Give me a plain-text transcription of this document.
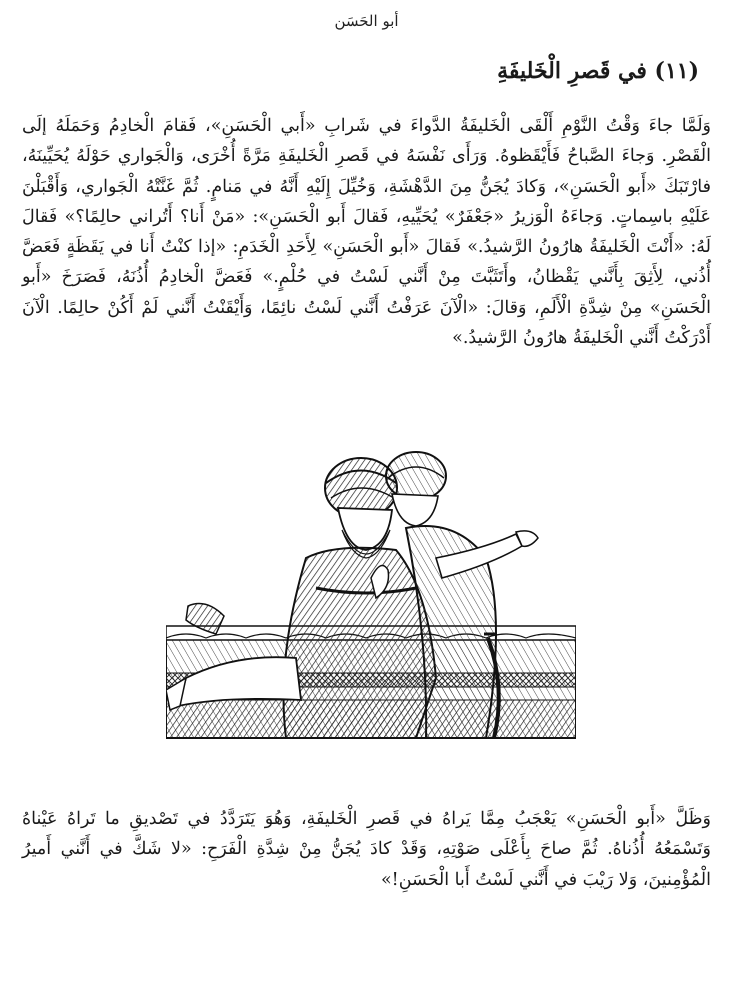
أبو الحَسَن
(١١) في قَصرِ الْخَليفَةِ

وَلَمَّا جاءَ وَقْتُ النَّوْمِ أَلْقَى الْخَليفَةُ الدَّواءَ في شَرابِ «أَبي الْحَسَنِ»، فَقامَ الْخادِمُ وَحَمَلَهُ إلَى الْقَصْرِ. وَجاءَ الصَّباحُ فَأَيْقَظوهُ. وَرَأَى نَفْسَهُ في قَصرِ الْخَليفَةِ مَرَّةً أُخْرَى، وَالْجَواري حَوْلَهُ يُحَيِّينَهُ، فارْتَبَكَ «أَبو الْحَسَنِ»، وَكادَ يُجَنُّ مِنَ الدَّهْشَةِ، وَخُيِّلَ إِلَيْهِ أَنَّهُ في مَنامٍ. ثُمَّ غَنَّتْهُ الْجَواري، وَأَقْبَلْنَ عَلَيْهِ باسِماتٍ. وَجاءَهُ الْوَزيرُ «جَعْفَرٌ» يُحَيِّيهِ، فَقالَ أَبو الْحَسَنِ»: «مَنْ أَنا؟ أَتُراني حالِمًا؟» فَقالَ لَهُ: «أَنْتَ الْخَليفَةُ هارُونُ الرَّشيدُ.» فَقالَ «أَبو الْحَسَنِ» لِأَحَدِ الْخَدَمِ: «إذا كنْتُ أَنا في يَقَظَةٍ فَعَضَّ أُذُني، لِأَثِقَ بِأَنَّني يَقْظانُ، وأَتَثَبَّتَ مِنْ أَنَّني لَسْتُ في حُلْمٍ.» فَعَضَّ الْخادِمُ أُذُنَهُ، فَصَرَخَ «أَبو الْحَسَنِ» مِنْ شِدَّةِ الْأَلَمِ، وَقالَ: «الْآنَ عَرَفْتُ أَنَّني لَسْتُ نائِمًا، وَأَيْقَنْتُ أَنَّني لَمْ أَكُنْ حالِمًا. الْآنَ أَدْرَكْتُ أَنَّني الْخَليفَةُ هارُونُ الرَّشيدُ.»

وَظَلَّ «أَبو الْحَسَنِ» يَعْجَبُ مِمَّا يَراهُ في قَصرِ الْخَليفَةِ، وَهُوَ يَتَرَدَّدُ في تَصْديقِ ما تَراهُ عَيْناهُ وَتَسْمَعُهُ أُذُناهُ. ثُمَّ صاحَ بِأَعْلَى صَوْتِهِ، وَقَدْ كادَ يُجَنُّ مِنْ شِدَّةِ الْفَرَحِ: «لا شَكَّ في أَنَّني أَميرُ الْمُؤْمِنينَ، وَلا رَيْبَ في أَنَّني لَسْتُ أَبا الْحَسَنِ!»
